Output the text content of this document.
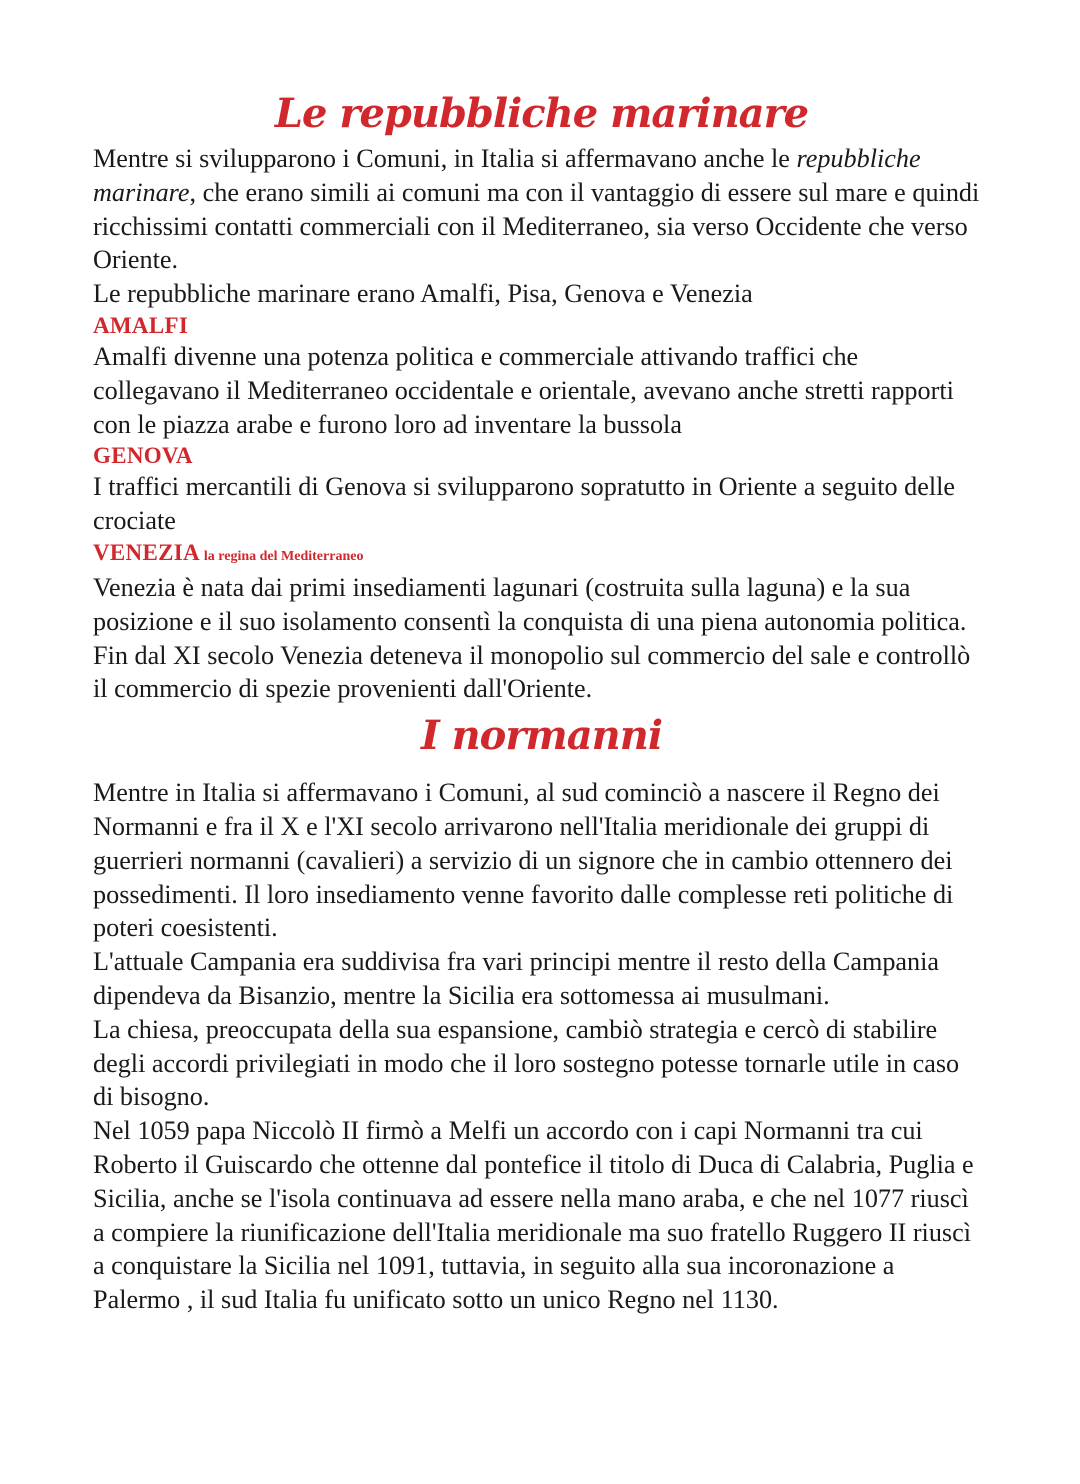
Le repubbliche marinare

Mentre si svilupparono i Comuni, in Italia si affermavano anche le repubbliche marinare, che erano simili ai comuni ma con il vantaggio di essere sul mare e quindi ricchissimi contatti commerciali con il Mediterraneo, sia verso Occidente che verso Oriente.

Le repubbliche marinare erano Amalfi, Pisa, Genova e Venezia

AMALFI

Amalfi divenne una potenza politica e commerciale attivando traffici che collegavano il Mediterraneo occidentale e orientale, avevano anche stretti rapporti con le piazza arabe e furono loro ad inventare la bussola

GENOVA

I traffici mercantili di Genova si svilupparono sopratutto in Oriente a seguito delle crociate

VENEZIA la regina del Mediterraneo

Venezia è nata dai primi insediamenti lagunari (costruita sulla laguna) e la sua posizione e il suo isolamento consentì la conquista di una piena autonomia politica. Fin dal XI secolo Venezia deteneva il monopolio sul commercio del sale e controllò il commercio di spezie provenienti dall'Oriente.

I normanni

Mentre in Italia si affermavano i Comuni, al sud cominciò a nascere il Regno dei Normanni e fra il X e l'XI secolo arrivarono nell'Italia meridionale dei gruppi di guerrieri normanni (cavalieri) a servizio di un signore che in cambio ottennero dei possedimenti. Il loro insediamento venne favorito dalle complesse reti politiche di poteri coesistenti.

L'attuale Campania era suddivisa fra vari principi mentre il resto della Campania dipendeva da Bisanzio, mentre la Sicilia era sottomessa ai musulmani.

La chiesa, preoccupata della sua espansione, cambiò strategia e cercò di stabilire degli accordi privilegiati in modo che il loro sostegno potesse tornarle utile in caso di bisogno.

Nel 1059 papa Niccolò II firmò a Melfi un accordo con i capi Normanni tra cui Roberto il Guiscardo che ottenne dal pontefice il titolo di Duca di Calabria, Puglia e Sicilia, anche se l'isola continuava ad essere nella mano araba, e che nel 1077 riuscì a compiere la riunificazione dell'Italia meridionale ma suo fratello Ruggero II riuscì a conquistare la Sicilia nel 1091, tuttavia, in seguito alla sua incoronazione a Palermo , il sud Italia fu unificato sotto un unico Regno nel 1130.
